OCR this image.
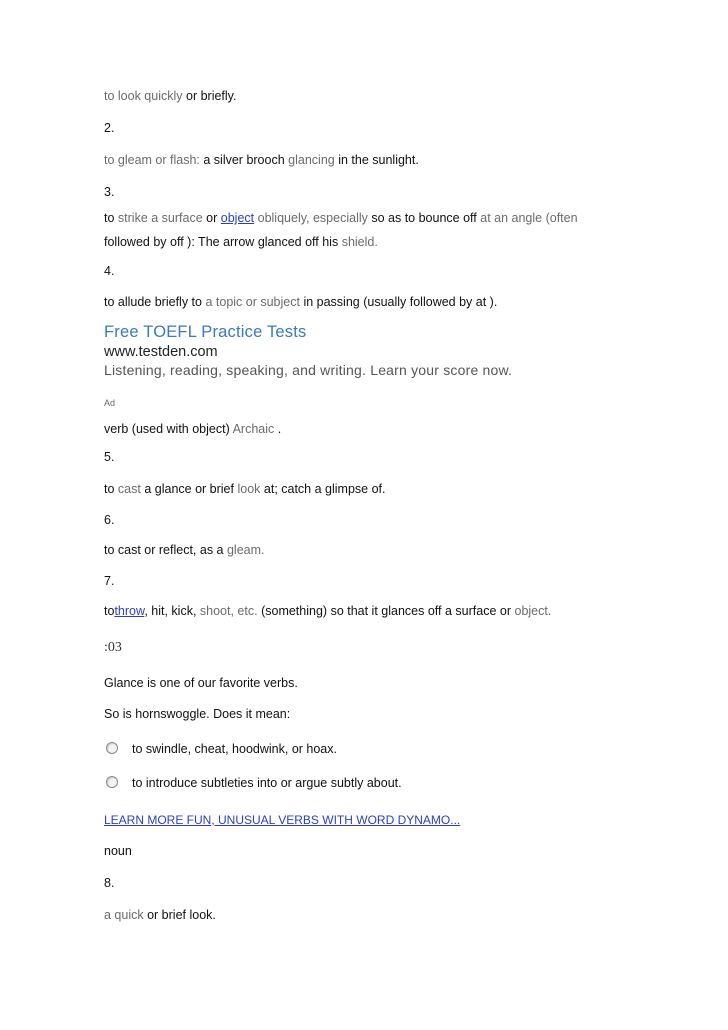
to look quickly or briefly.
2.
to gleam or flash: a silver brooch glancing in the sunlight.
3.
to strike a surface or object obliquely, especially so as to bounce off at an angle (often
followed by off ): The arrow glanced off his shield.
4.
to allude briefly to a topic or subject in passing (usually followed by at ).
Free TOEFL Practice Tests
www.testden.com
Listening, reading, speaking, and writing. Learn your score now.
Ad
verb (used with object) Archaic .
5.
to cast a glance or brief look at; catch a glimpse of.
6.
to cast or reflect, as a gleam.
7.
tothrow, hit, kick, shoot, etc. (something) so that it glances off a surface or object.
:03
Glance is one of our favorite verbs.
So is hornswoggle. Does it mean:
to swindle, cheat, hoodwink, or hoax.
to introduce subtleties into or argue subtly about.
LEARN MORE FUN, UNUSUAL VERBS WITH WORD DYNAMO...
noun
8.
a quick or brief look.
